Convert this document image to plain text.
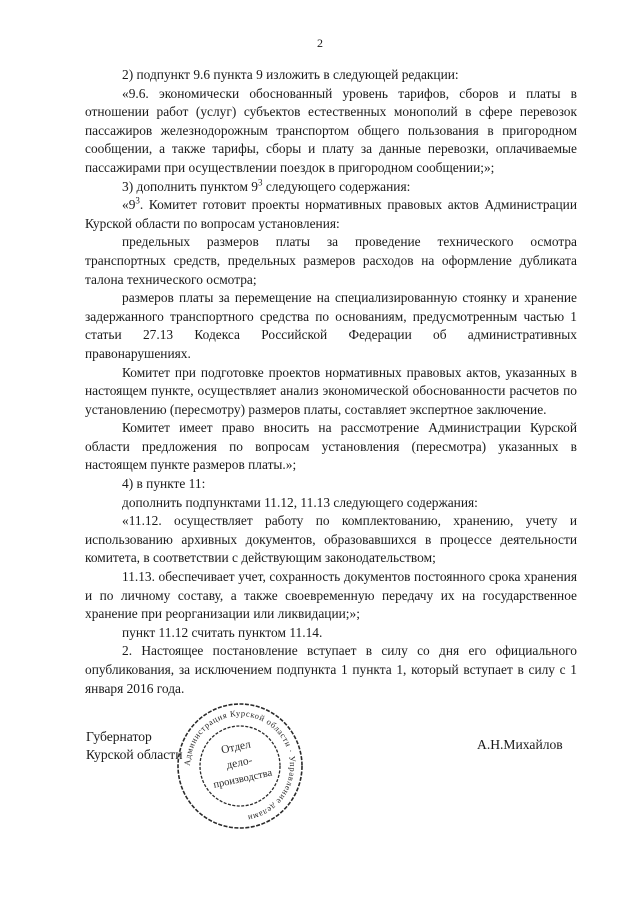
2

2) подпункт 9.6 пункта 9 изложить в следующей редакции:

«9.6. экономически обоснованный уровень тарифов, сборов и платы в отношении работ (услуг) субъектов естественных монополий в сфере перевозок пассажиров железнодорожным транспортом общего пользования в пригородном сообщении, а также тарифы, сборы и плату за данные перевозки, оплачиваемые пассажирами при осуществлении поездок в пригородном сообщении;»;

3) дополнить пунктом $9^3$ следующего содержания:

«$9^3$. Комитет готовит проекты нормативных правовых актов Администрации Курской области по вопросам установления:

предельных размеров платы за проведение технического осмотра транспортных средств, предельных размеров расходов на оформление дубликата талона технического осмотра;

размеров платы за перемещение на специализированную стоянку и хранение задержанного транспортного средства по основаниям, предусмотренным частью 1 статьи 27.13 Кодекса Российской Федерации об административных правонарушениях.

Комитет при подготовке проектов нормативных правовых актов, указанных в настоящем пункте, осуществляет анализ экономической обоснованности расчетов по установлению (пересмотру) размеров платы, составляет экспертное заключение.

Комитет имеет право вносить на рассмотрение Администрации Курской области предложения по вопросам установления (пересмотра) указанных в настоящем пункте размеров платы.»;

4) в пункте 11:

дополнить подпунктами 11.12, 11.13 следующего содержания:

«11.12. осуществляет работу по комплектованию, хранению, учету и использованию архивных документов, образовавшихся в процессе деятельности комитета, в соответствии с действующим законодательством;

11.13. обеспечивает учет, сохранность документов постоянного срока хранения и по личному составу, а также своевременную передачу их на государственное хранение при реорганизации или ликвидации;»;

пункт 11.12 считать пунктом 11.14.

2. Настоящее постановление вступает в силу со дня его официального опубликования, за исключением подпункта 1 пункта 1, который вступает в силу с 1 января 2016 года.

Губернатор
Курской области
А.Н.Михайлов
Администрация Курской области · Управление делами
Отдел
дело-
производства
